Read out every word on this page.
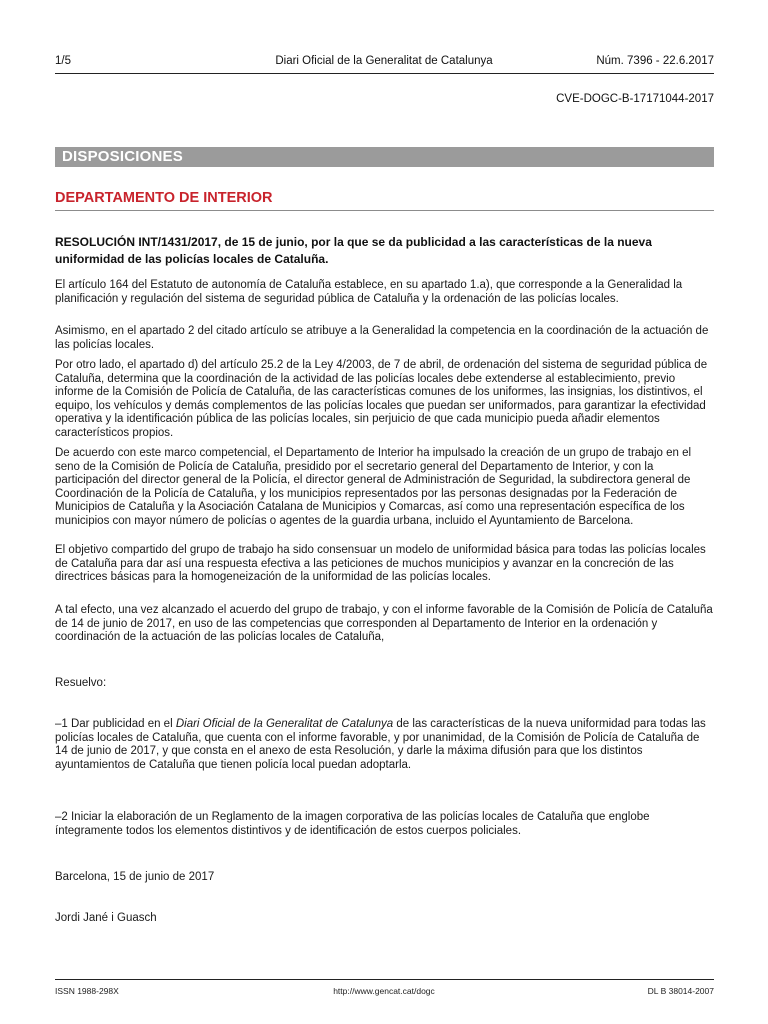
1/5	Diari Oficial de la Generalitat de Catalunya	Núm. 7396 - 22.6.2017
CVE-DOGC-B-17171044-2017
DISPOSICIONES
DEPARTAMENTO DE INTERIOR
RESOLUCIÓN INT/1431/2017, de 15 de junio, por la que se da publicidad a las características de la nueva uniformidad de las policías locales de Cataluña.

El artículo 164 del Estatuto de autonomía de Cataluña establece, en su apartado 1.a), que corresponde a la Generalidad la planificación y regulación del sistema de seguridad pública de Cataluña y la ordenación de las policías locales.

Asimismo, en el apartado 2 del citado artículo se atribuye a la Generalidad la competencia en la coordinación de la actuación de las policías locales.

Por otro lado, el apartado d) del artículo 25.2 de la Ley 4/2003, de 7 de abril, de ordenación del sistema de seguridad pública de Cataluña, determina que la coordinación de la actividad de las policías locales debe extenderse al establecimiento, previo informe de la Comisión de Policía de Cataluña, de las características comunes de los uniformes, las insignias, los distintivos, el equipo, los vehículos y demás complementos de las policías locales que puedan ser uniformados, para garantizar la efectividad operativa y la identificación pública de las policías locales, sin perjuicio de que cada municipio pueda añadir elementos característicos propios.

De acuerdo con este marco competencial, el Departamento de Interior ha impulsado la creación de un grupo de trabajo en el seno de la Comisión de Policía de Cataluña, presidido por el secretario general del Departamento de Interior, y con la participación del director general de la Policía, el director general de Administración de Seguridad, la subdirectora general de Coordinación de la Policía de Cataluña, y los municipios representados por las personas designadas por la Federación de Municipios de Cataluña y la Asociación Catalana de Municipios y Comarcas, así como una representación específica de los municipios con mayor número de policías o agentes de la guardia urbana, incluido el Ayuntamiento de Barcelona.

El objetivo compartido del grupo de trabajo ha sido consensuar un modelo de uniformidad básica para todas las policías locales de Cataluña para dar así una respuesta efectiva a las peticiones de muchos municipios y avanzar en la concreción de las directrices básicas para la homogeneización de la uniformidad de las policías locales.

A tal efecto, una vez alcanzado el acuerdo del grupo de trabajo, y con el informe favorable de la Comisión de Policía de Cataluña de 14 de junio de 2017, en uso de las competencias que corresponden al Departamento de Interior en la ordenación y coordinación de la actuación de las policías locales de Cataluña,

Resuelvo:

–1 Dar publicidad en el Diari Oficial de la Generalitat de Catalunya de las características de la nueva uniformidad para todas las policías locales de Cataluña, que cuenta con el informe favorable, y por unanimidad, de la Comisión de Policía de Cataluña de 14 de junio de 2017, y que consta en el anexo de esta Resolución, y darle la máxima difusión para que los distintos ayuntamientos de Cataluña que tienen policía local puedan adoptarla.

–2 Iniciar la elaboración de un Reglamento de la imagen corporativa de las policías locales de Cataluña que englobe íntegramente todos los elementos distintivos y de identificación de estos cuerpos policiales.

Barcelona, 15 de junio de 2017

Jordi Jané i Guasch

ISSN 1988-298X	http://www.gencat.cat/dogc	DL B 38014-2007
